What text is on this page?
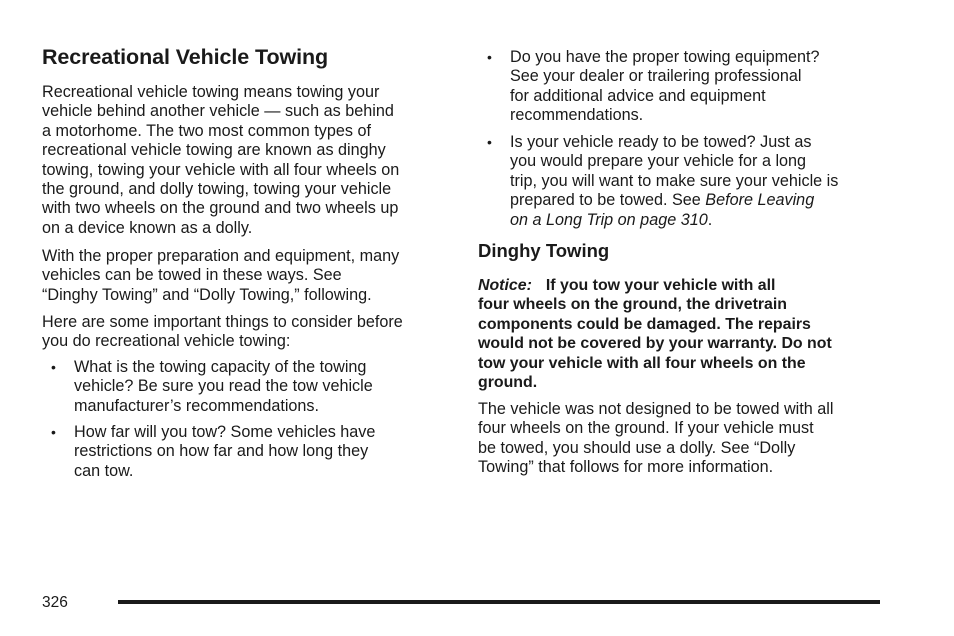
Recreational Vehicle Towing

Recreational vehicle towing means towing your
vehicle behind another vehicle — such as behind
a motorhome. The two most common types of
recreational vehicle towing are known as dinghy
towing, towing your vehicle with all four wheels on
the ground, and dolly towing, towing your vehicle
with two wheels on the ground and two wheels up
on a device known as a dolly.

With the proper preparation and equipment, many
vehicles can be towed in these ways. See
“Dinghy Towing” and “Dolly Towing,” following.

Here are some important things to consider before
you do recreational vehicle towing:

• What is the towing capacity of the towing
vehicle? Be sure you read the tow vehicle
manufacturer’s recommendations.
• How far will you tow? Some vehicles have
restrictions on how far and how long they
can tow.
• Do you have the proper towing equipment?
See your dealer or trailering professional
for additional advice and equipment
recommendations.
• Is your vehicle ready to be towed? Just as
you would prepare your vehicle for a long
trip, you will want to make sure your vehicle is
prepared to be towed. See Before Leaving
on a Long Trip on page 310.
Dinghy Towing

Notice: If you tow your vehicle with all
four wheels on the ground, the drivetrain
components could be damaged. The repairs
would not be covered by your warranty. Do not
tow your vehicle with all four wheels on the
ground.

The vehicle was not designed to be towed with all
four wheels on the ground. If your vehicle must
be towed, you should use a dolly. See “Dolly
Towing” that follows for more information.

326
